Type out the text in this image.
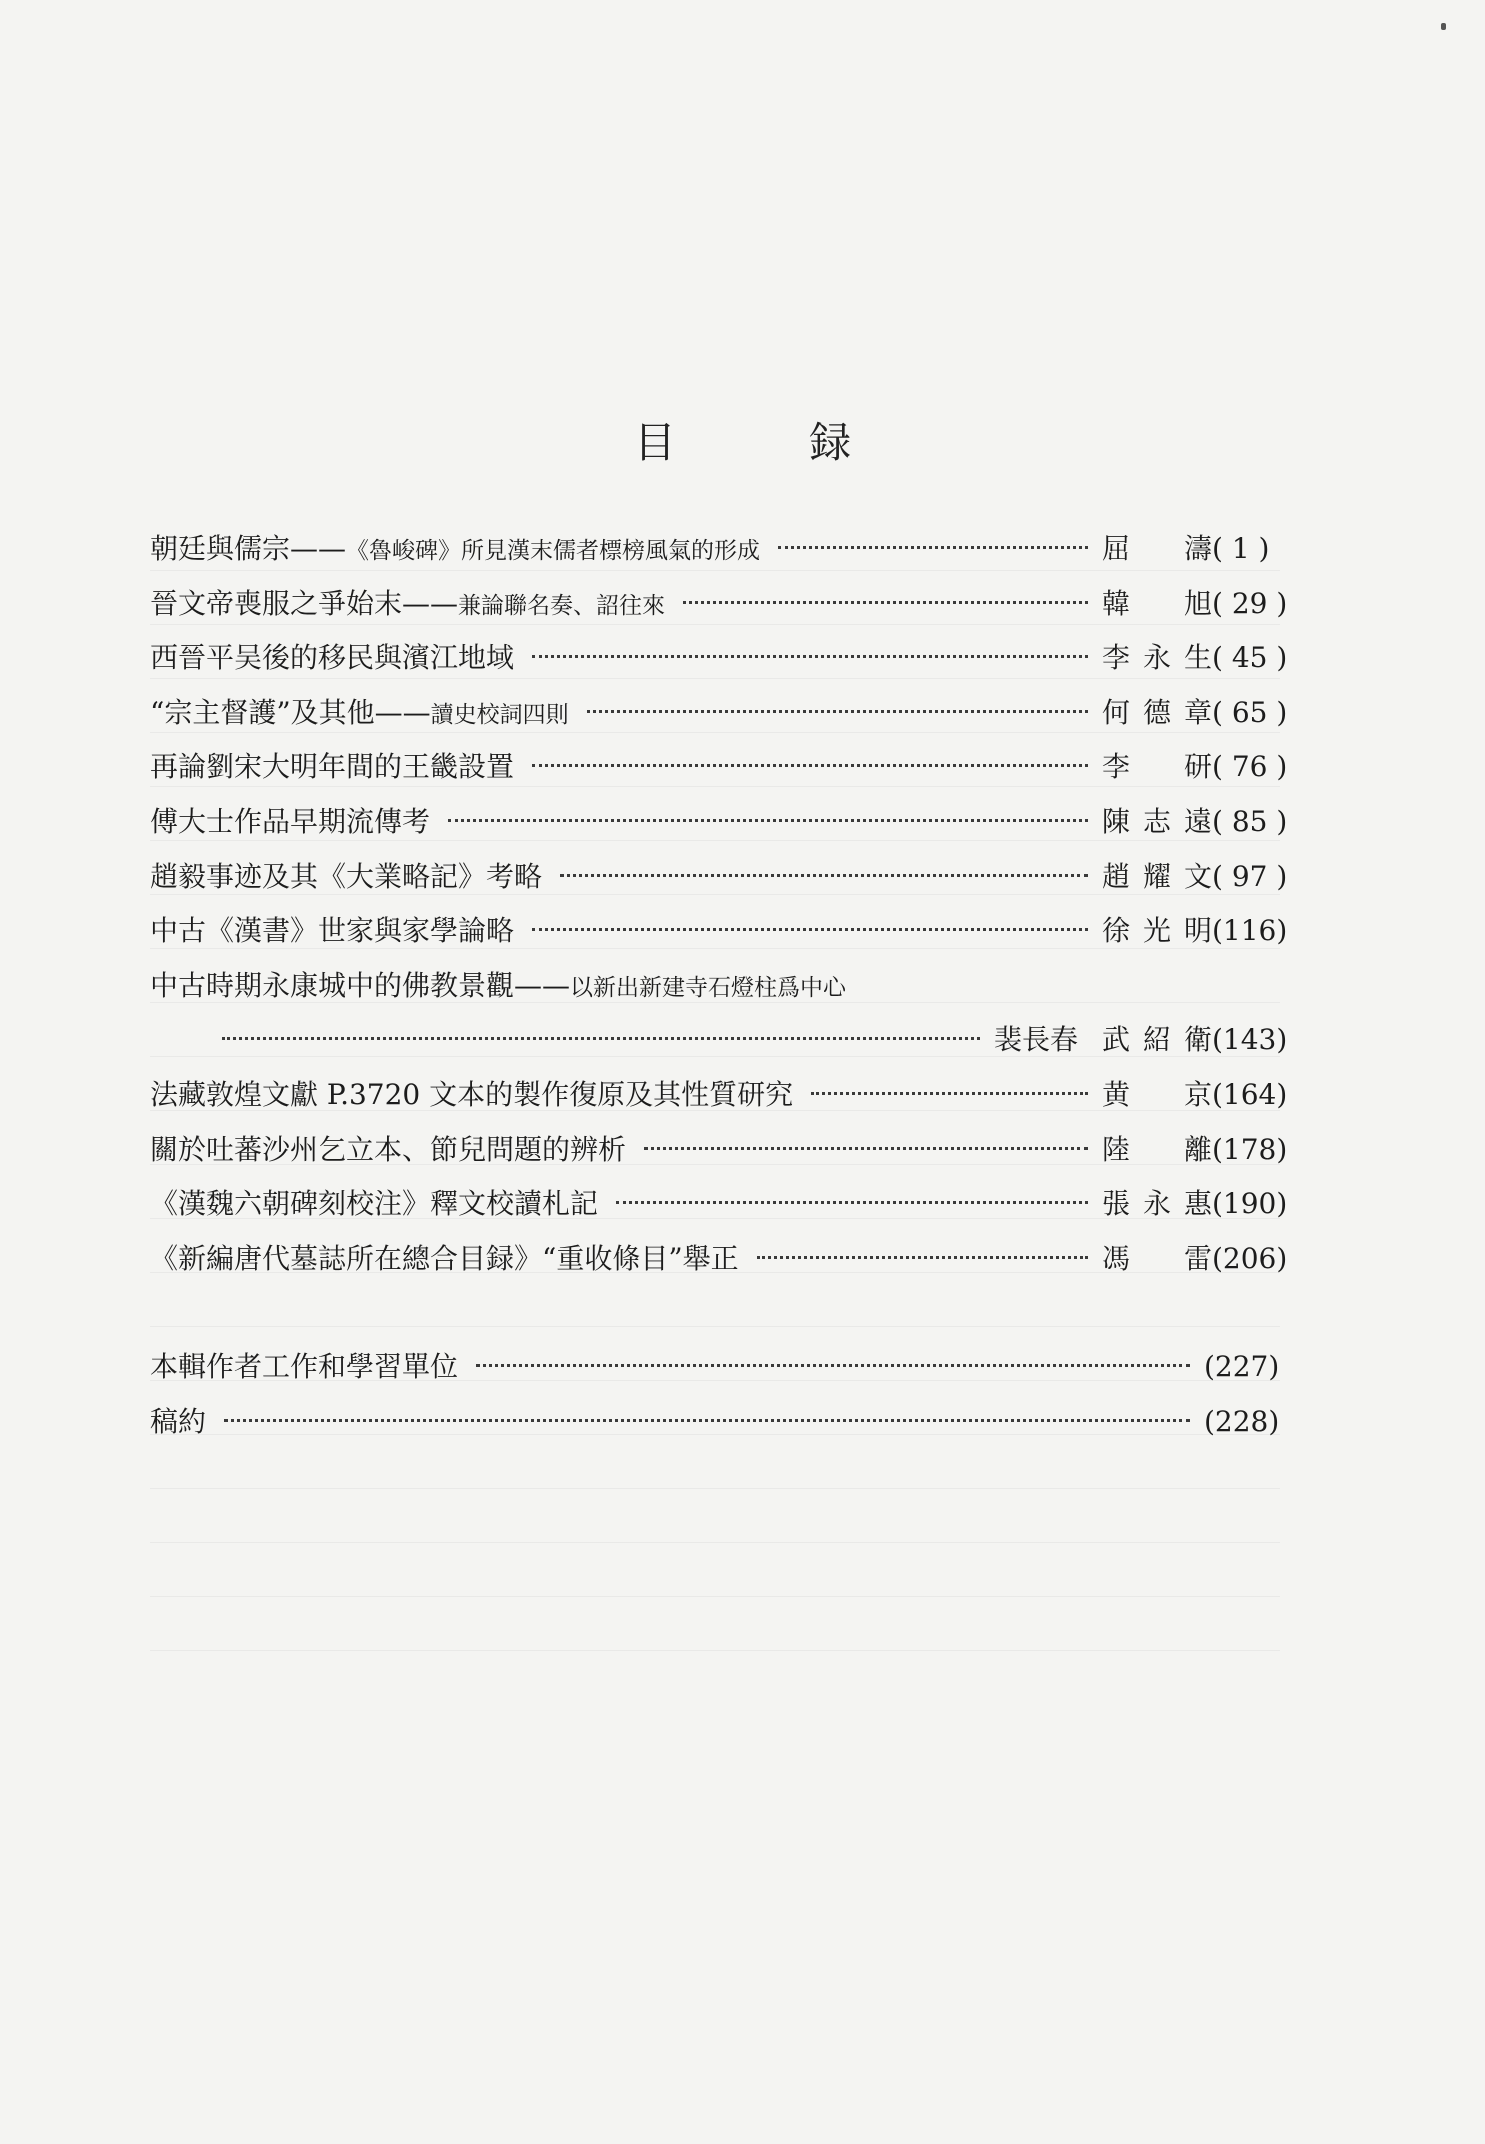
目 録
朝廷與儒宗——《魯峻碑》所見漢末儒者標榜風氣的形成	屈　濤 ( 1 )
晉文帝喪服之爭始末——兼論聯名奏、詔往來	韓　旭 ( 29 )
西晉平吴後的移民與濱江地域	李永生 ( 45 )
“宗主督護”及其他——讀史校詞四則	何德章 ( 65 )
再論劉宋大明年間的王畿設置	李　研 ( 76 )
傅大士作品早期流傳考	陳志遠 ( 85 )
趙毅事迹及其《大業略記》考略	趙耀文 ( 97 )
中古《漢書》世家與家學論略	徐光明 (116)
中古時期永康城中的佛教景觀——以新出新建寺石燈柱爲中心
裴長春 武紹衛 (143)
法藏敦煌文獻 P.3720 文本的製作復原及其性質研究	黄　京 (164)
關於吐蕃沙州乞立本、節兒問題的辨析	陸　離 (178)
《漢魏六朝碑刻校注》釋文校讀札記	張永惠 (190)
《新編唐代墓誌所在總合目録》“重收條目”舉正	馮　雷 (206)
本輯作者工作和學習單位	(227)
稿約	(228)
